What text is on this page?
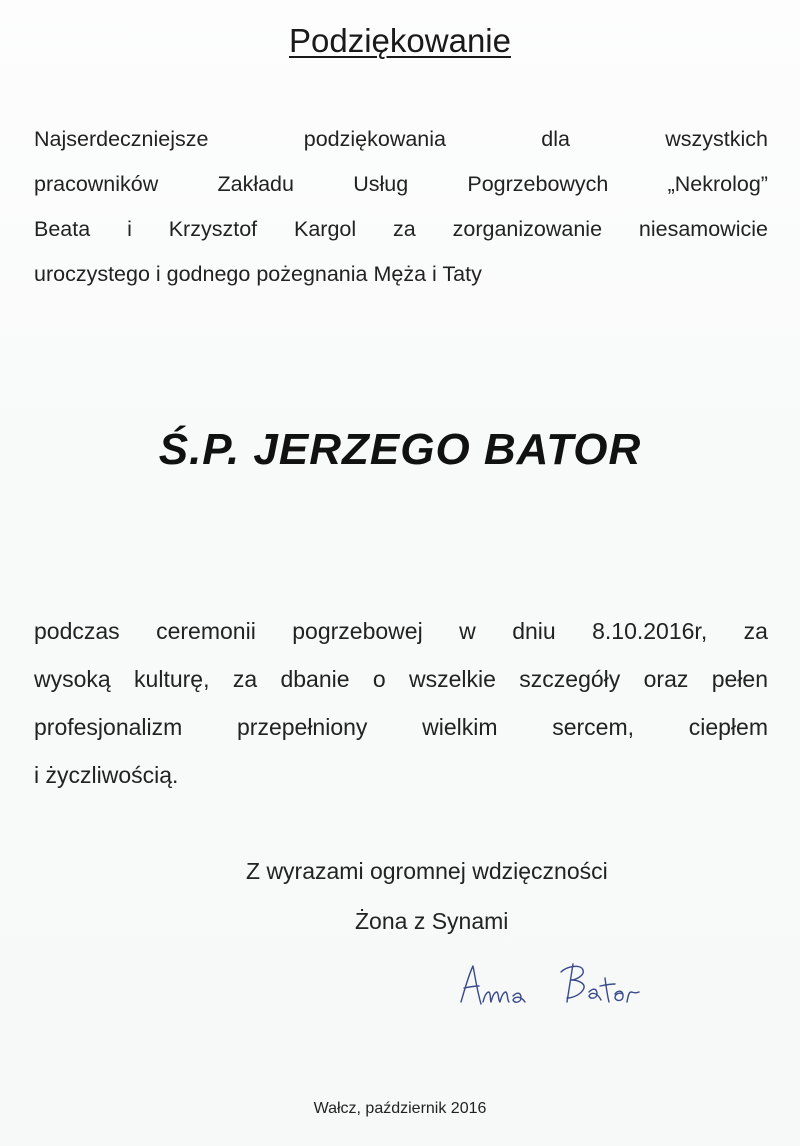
Podziękowanie
Najserdeczniejsze	podziękowania	dla	wszystkich
pracowników	Zakładu	Usług	Pogrzebowych	„Nekrolog”
Beata i Krzysztof Kargol za zorganizowanie niesamowicie
uroczystego i godnego pożegnania Męża i Taty
Ś.P. JERZEGO BATOR
podczas ceremonii pogrzebowej w dniu 8.10.2016r, za
wysoką kulturę, za dbanie o wszelkie szczegóły oraz pełen
profesjonalizm przepełniony wielkim sercem, ciepłem
i życzliwością.
Z wyrazami ogromnej wdzięczności
Żona z Synami
Wałcz, październik 2016
